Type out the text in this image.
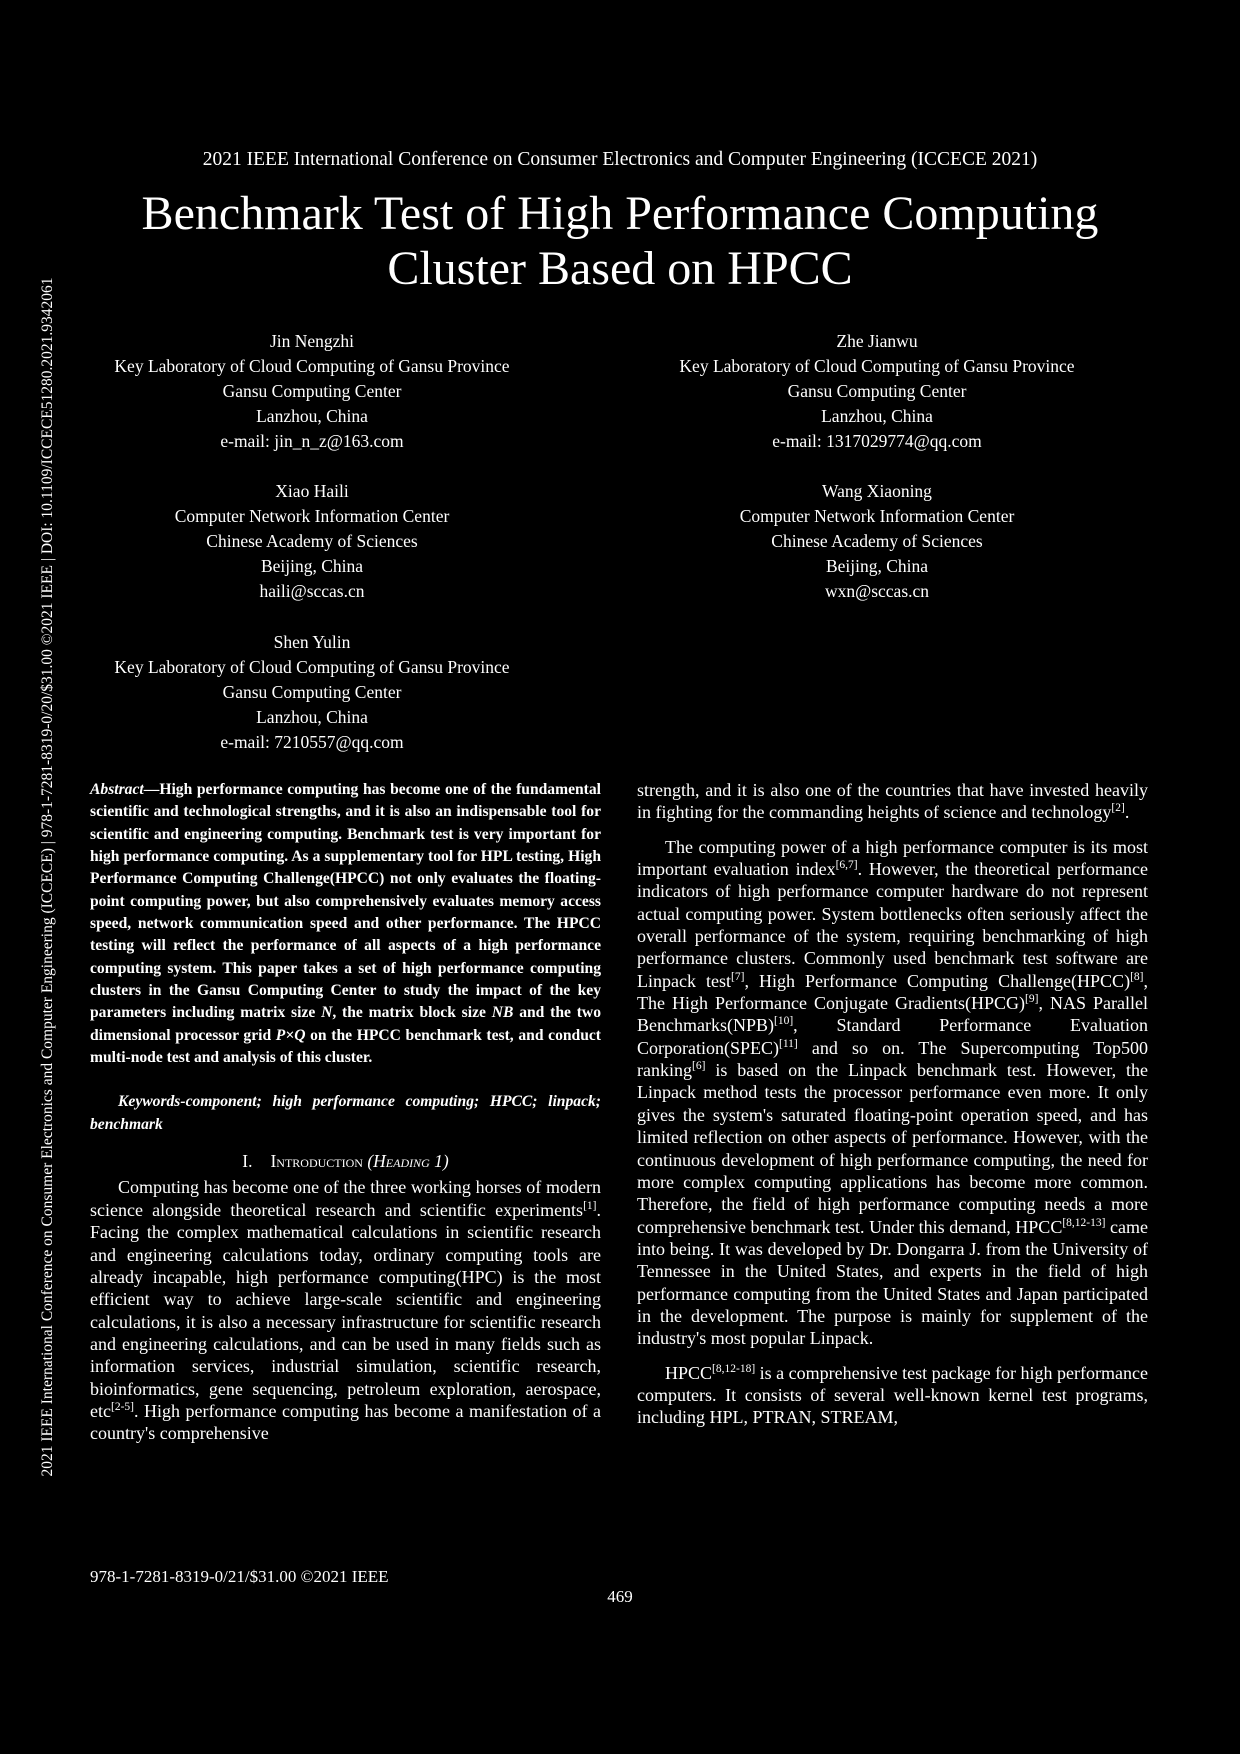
2021 IEEE International Conference on Consumer Electronics and Computer Engineering (ICCECE) | 978-1-7281-8319-0/20/$31.00 ©2021 IEEE | DOI: 10.1109/ICCECE51280.2021.9342061
2021 IEEE International Conference on Consumer Electronics and Computer Engineering (ICCECE 2021)
Benchmark Test of High Performance Computing
Cluster Based on HPCC
Jin Nengzhi
Key Laboratory of Cloud Computing of Gansu Province
Gansu Computing Center
Lanzhou, China
e-mail: jin_n_z@163.com
Zhe Jianwu
Key Laboratory of Cloud Computing of Gansu Province
Gansu Computing Center
Lanzhou, China
e-mail: 1317029774@qq.com
Xiao Haili
Computer Network Information Center
Chinese Academy of Sciences
Beijing, China
haili@sccas.cn
Wang Xiaoning
Computer Network Information Center
Chinese Academy of Sciences
Beijing, China
wxn@sccas.cn
Shen Yulin
Key Laboratory of Cloud Computing of Gansu Province
Gansu Computing Center
Lanzhou, China
e-mail: 7210557@qq.com

Abstract—High performance computing has become one of the fundamental scientific and technological strengths, and it is also an indispensable tool for scientific and engineering computing. Benchmark test is very important for high performance computing. As a supplementary tool for HPL testing, High Performance Computing Challenge(HPCC) not only evaluates the floating-point computing power, but also comprehensively evaluates memory access speed, network communication speed and other performance. The HPCC testing will reflect the performance of all aspects of a high performance computing system. This paper takes a set of high performance computing clusters in the Gansu Computing Center to study the impact of the key parameters including matrix size N, the matrix block size NB and the two dimensional processor grid P×Q on the HPCC benchmark test, and conduct multi-node test and analysis of this cluster.

Keywords-component; high performance computing; HPCC; linpack; benchmark

I. Introduction (Heading 1)

Computing has become one of the three working horses of modern science alongside theoretical research and scientific experiments[1]. Facing the complex mathematical calculations in scientific research and engineering calculations today, ordinary computing tools are already incapable, high performance computing(HPC) is the most efficient way to achieve large-scale scientific and engineering calculations, it is also a necessary infrastructure for scientific research and engineering calculations, and can be used in many fields such as information services, industrial simulation, scientific research, bioinformatics, gene sequencing, petroleum exploration, aerospace, etc[2-5]. High performance computing has become a manifestation of a country's comprehensive

strength, and it is also one of the countries that have invested heavily in fighting for the commanding heights of science and technology[2].

The computing power of a high performance computer is its most important evaluation index[6,7]. However, the theoretical performance indicators of high performance computer hardware do not represent actual computing power. System bottlenecks often seriously affect the overall performance of the system, requiring benchmarking of high performance clusters. Commonly used benchmark test software are Linpack test[7], High Performance Computing Challenge(HPCC)[8], The High Performance Conjugate Gradients(HPCG)[9], NAS Parallel Benchmarks(NPB)[10], Standard Performance Evaluation Corporation(SPEC)[11] and so on. The Supercomputing Top500 ranking[6] is based on the Linpack benchmark test. However, the Linpack method tests the processor performance even more. It only gives the system's saturated floating-point operation speed, and has limited reflection on other aspects of performance. However, with the continuous development of high performance computing, the need for more complex computing applications has become more common. Therefore, the field of high performance computing needs a more comprehensive benchmark test. Under this demand, HPCC[8,12-13] came into being. It was developed by Dr. Dongarra J. from the University of Tennessee in the United States, and experts in the field of high performance computing from the United States and Japan participated in the development. The purpose is mainly for supplement of the industry's most popular Linpack.

HPCC[8,12-18] is a comprehensive test package for high performance computers. It consists of several well-known kernel test programs, including HPL, PTRAN, STREAM,

978-1-7281-8319-0/21/$31.00 ©2021 IEEE
469
